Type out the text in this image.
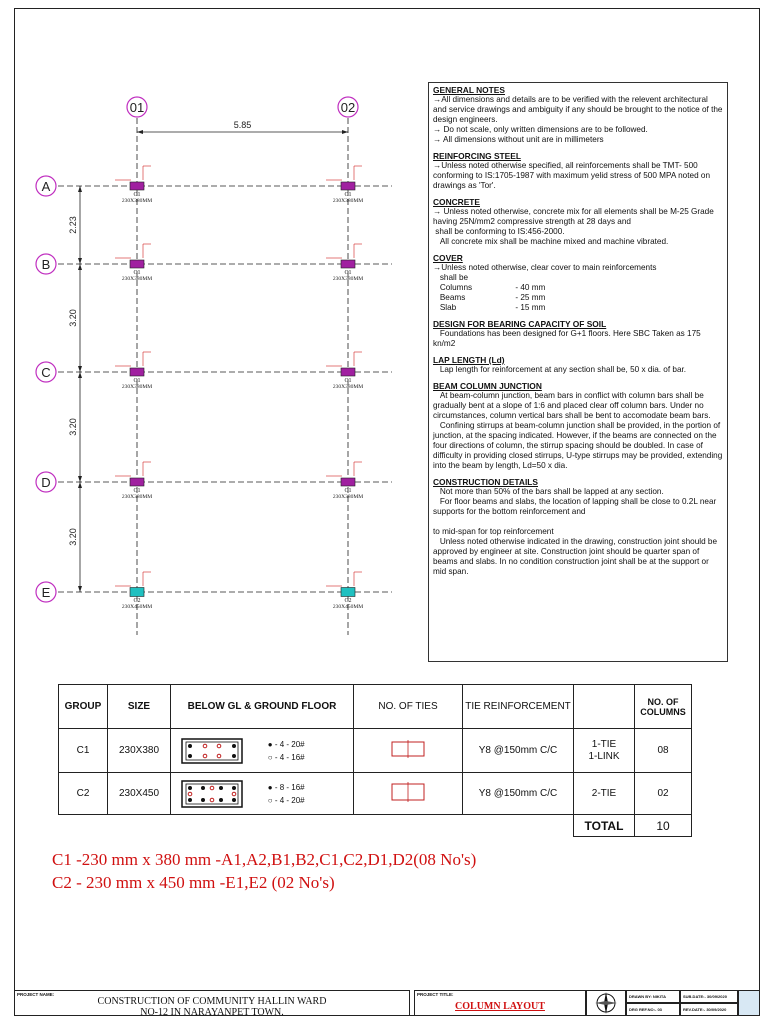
01	02
A
B
C
D
E
5.85
2.23
3.20
3.20
3.20
C1
230X380MM
C1
230X380MM
C1
230X380MM
C1
230X380MM
C1
230X380MM
C1
230X380MM
C1
230X380MM
C1
230X380MM
C2
230X450MM
C2
230X450MM
GENERAL NOTES

→All dimensions and details are to be verified with the relevent architectural and service drawings and ambiguity if any should be brought to the notice of the design engineers.
→ Do not scale, only written dimensions are to be followed.
→ All dimensions without unit are in millimeters

REINFORCING STEEL

→Unless noted otherwise specified, all reinforcements shall be TMT- 500 conforming to IS:1705-1987 with maximum yelid stress of 500 MPA noted on drawings as 'Tor'.

CONCRETE

→ Unless noted otherwise, concrete mix for all elements shall be M-25 Grade having 25N/mm2 compressive strength at 28 days and
shall be conforming to IS:456-2000.
All concrete mix shall be machine mixed and machine vibrated.

COVER

→Unless noted otherwise, clear cover to main reinforcements
shall be
Columns                   - 40 mm
Beams                      - 25 mm
Slab                          - 15 mm

DESIGN FOR BEARING CAPACITY OF SOIL

Foundations has been designed for G+1 floors. Here SBC Taken as 175 kn/m2

LAP LENGTH (Ld)

Lap length for reinforcement at any section shall be, 50 x dia. of bar.

BEAM COLUMN JUNCTION

At beam-column junction, beam bars in conflict with column bars shall be gradually bent at a slope of 1:6 and placed clear off column bars. Under no circumstances, column vertical bars shall be bent to accomodate beam bars.
Confining stirrups at beam-column junction shall be provided, in the portion of junction, at the spacing indicated. However, if the beams are connected on the four directions of column, the stirrup spacing should be doubled. In case of difficulty in providing closed stirrups, U-type stirrups may be provided, extending into the beam by length, Ld=50 x dia.

CONSTRUCTION DETAILS

Not more than 50% of the bars shall be lapped at any section.
For floor beams and slabs, the location of lapping shall be close to 0.2L near supports for the bottom reinforcement and

to mid-span for top reinforcement
Unless noted otherwise indicated in the drawing, construction joint should be approved by engineer at site. Construction joint should be quarter span of beams and slabs. In no condition construction joint shall be at the support or mid span.

GROUP	SIZE	BELOW GL & GROUND FLOOR	NO. OF TIES	TIE REINFORCEMENT		NO. OF COLUMNS
C1	230X380	● - 4 - 20#
○ - 4 - 16#		Y8 @150mm C/C	1-TIE
1-LINK	08
C2	230X450	● - 8 - 16#
○ - 4 - 20#		Y8 @150mm C/C	2-TIE	02
					TOTAL	10
C1 -230 mm x 380 mm -A1,A2,B1,B2,C1,C2,D1,D2(08 No's)
C2 - 230 mm x 450 mm -E1,E2 (02 No's)
PROJECT NAME:
CONSTRUCTION OF COMMUNITY HALLIN WARD
NO-12 IN NARAYANPET TOWN.
PROJECT TITLE:
COLUMN LAYOUT
DRAWN BY: NIKITA	SUB.DATE:- 30/09/2020
DRG REF.NO:- 03	REV.DATE:- 30/09/2020
